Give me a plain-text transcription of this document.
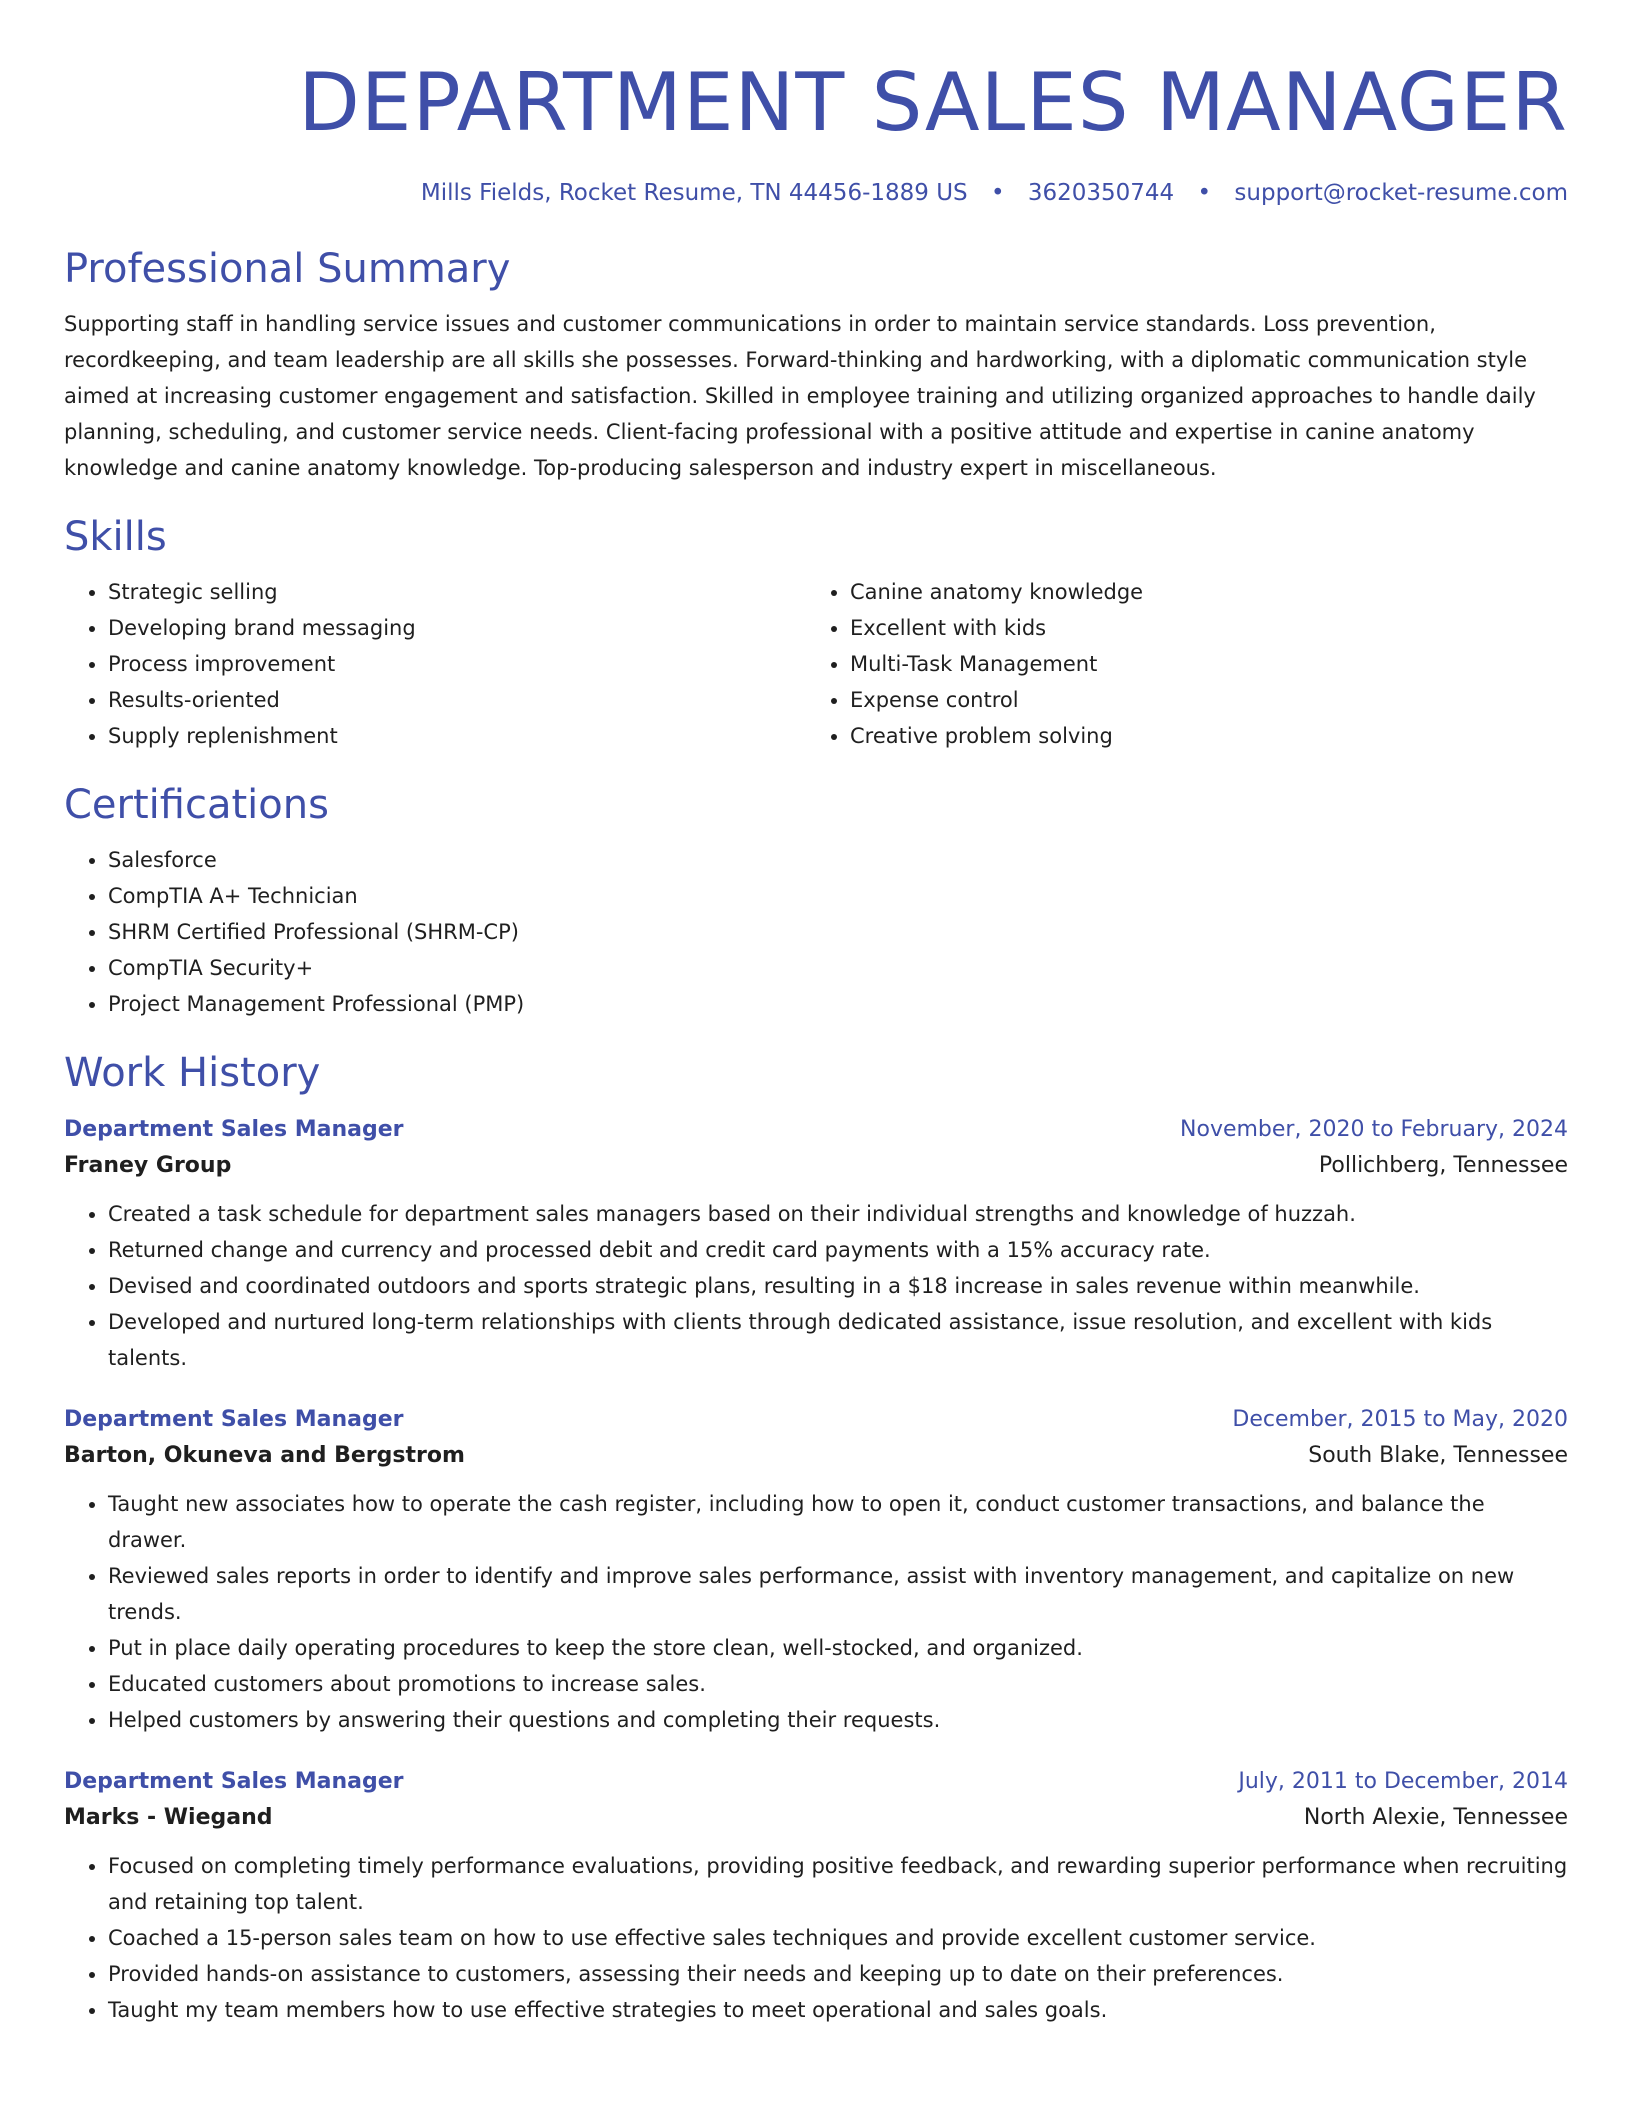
DEPARTMENT SALES MANAGER
Mills Fields, Rocket Resume, TN 44456-1889 US • 3620350744 • support@rocket-resume.com
Professional Summary
Supporting staff in handling service issues and customer communications in order to maintain service standards. Loss prevention, recordkeeping, and team leadership are all skills she possesses. Forward-thinking and hardworking, with a diplomatic communication style aimed at increasing customer engagement and satisfaction. Skilled in employee training and utilizing organized approaches to handle daily planning, scheduling, and customer service needs. Client-facing professional with a positive attitude and expertise in canine anatomy knowledge and canine anatomy knowledge. Top-producing salesperson and industry expert in miscellaneous.
Skills
• Strategic selling
• Developing brand messaging
• Process improvement
• Results-oriented
• Supply replenishment
• Canine anatomy knowledge
• Excellent with kids
• Multi-Task Management
• Expense control
• Creative problem solving
Certifications
• Salesforce
• CompTIA A+ Technician
• SHRM Certified Professional (SHRM-CP)
• CompTIA Security+
• Project Management Professional (PMP)
Work History
Department Sales Manager	November, 2020 to February, 2024
Franey Group	Pollichberg, Tennessee
• Created a task schedule for department sales managers based on their individual strengths and knowledge of huzzah.
• Returned change and currency and processed debit and credit card payments with a 15% accuracy rate.
• Devised and coordinated outdoors and sports strategic plans, resulting in a $18 increase in sales revenue within meanwhile.
• Developed and nurtured long-term relationships with clients through dedicated assistance, issue resolution, and excellent with kids talents.
Department Sales Manager	December, 2015 to May, 2020
Barton, Okuneva and Bergstrom	South Blake, Tennessee
• Taught new associates how to operate the cash register, including how to open it, conduct customer transactions, and balance the drawer.
• Reviewed sales reports in order to identify and improve sales performance, assist with inventory management, and capitalize on new trends.
• Put in place daily operating procedures to keep the store clean, well-stocked, and organized.
• Educated customers about promotions to increase sales.
• Helped customers by answering their questions and completing their requests.
Department Sales Manager	July, 2011 to December, 2014
Marks - Wiegand	North Alexie, Tennessee
• Focused on completing timely performance evaluations, providing positive feedback, and rewarding superior performance when recruiting and retaining top talent.
• Coached a 15-person sales team on how to use effective sales techniques and provide excellent customer service.
• Provided hands-on assistance to customers, assessing their needs and keeping up to date on their preferences.
• Taught my team members how to use effective strategies to meet operational and sales goals.
